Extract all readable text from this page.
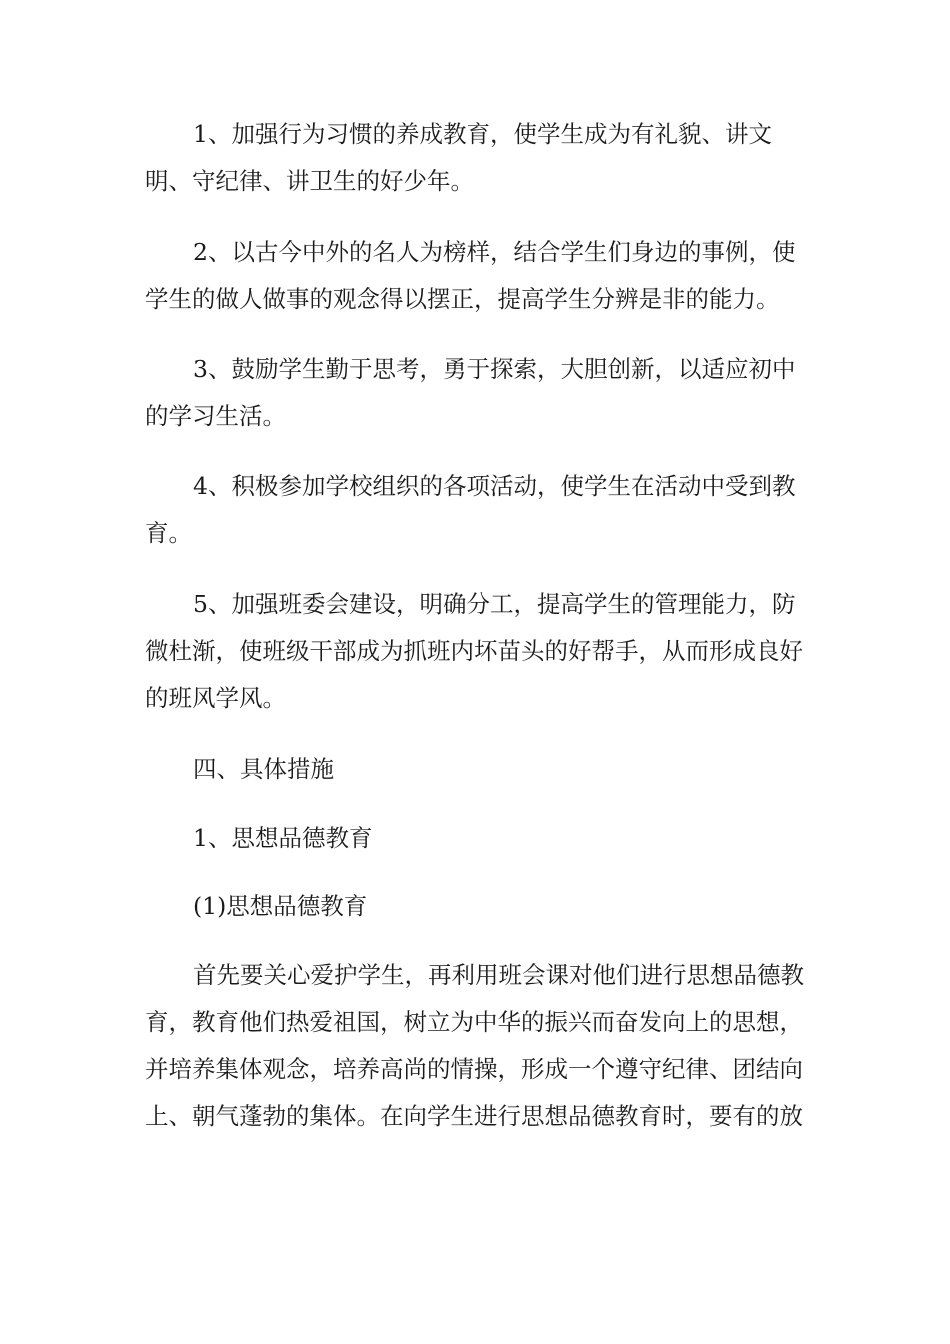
1、加强行为习惯的养成教育，使学生成为有礼貌、讲文明、守纪律、讲卫生的好少年。

2、以古今中外的名人为榜样，结合学生们身边的事例，使学生的做人做事的观念得以摆正，提高学生分辨是非的能力。

3、鼓励学生勤于思考，勇于探索，大胆创新，以适应初中的学习生活。

4、积极参加学校组织的各项活动，使学生在活动中受到教育。

5、加强班委会建设，明确分工，提高学生的管理能力，防微杜渐，使班级干部成为抓班内坏苗头的好帮手，从而形成良好的班风学风。

四、具体措施

1、思想品德教育

(1)思想品德教育

首先要关心爱护学生，再利用班会课对他们进行思想品德教育，教育他们热爱祖国，树立为中华的振兴而奋发向上的思想，并培养集体观念，培养高尚的情操，形成一个遵守纪律、团结向上、朝气蓬勃的集体。在向学生进行思想品德教育时，要有的放
